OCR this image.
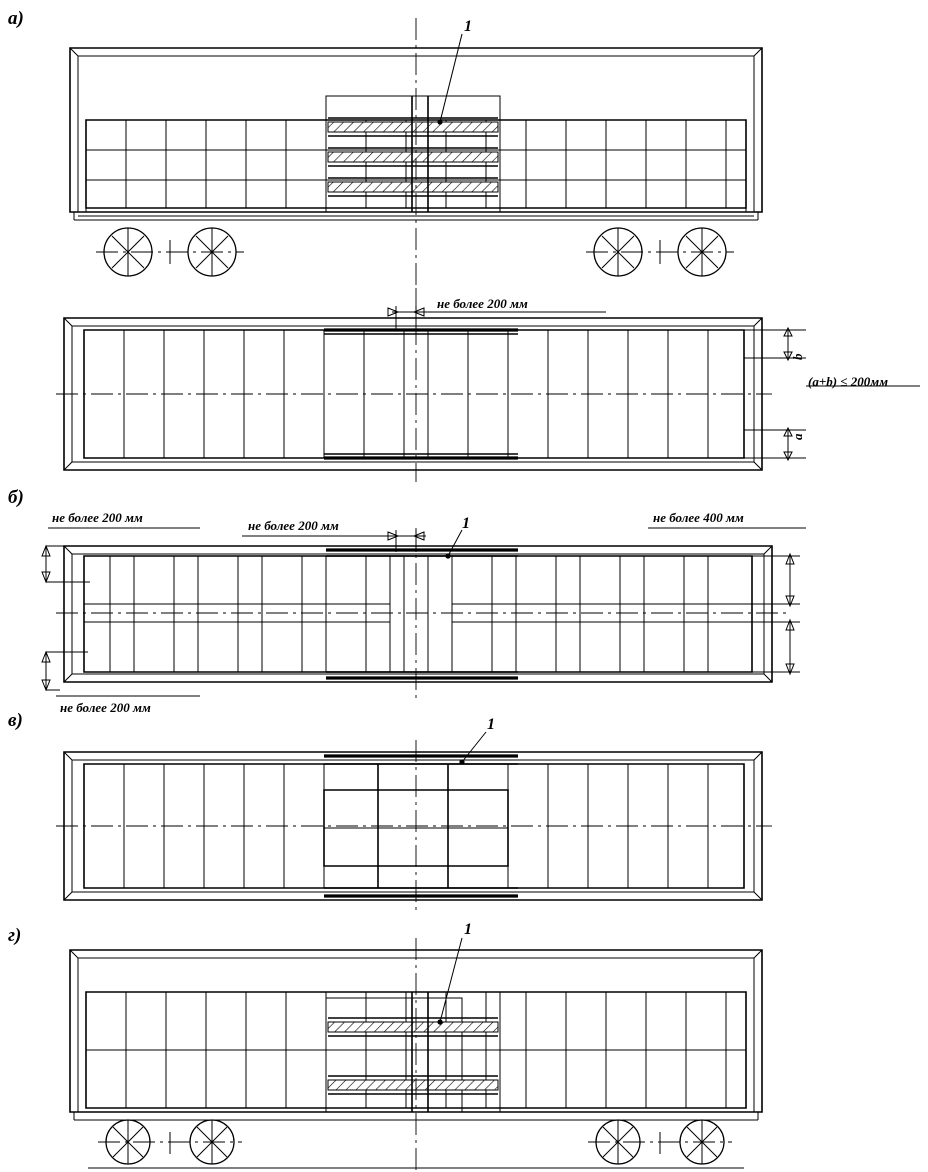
а)
б)
в)
г)
не более 200 мм
(a+b) ≤ 200мм
b
a
не более 200 мм
не более 200 мм
не более 400 мм
не более 200 мм
1
1
1
1
